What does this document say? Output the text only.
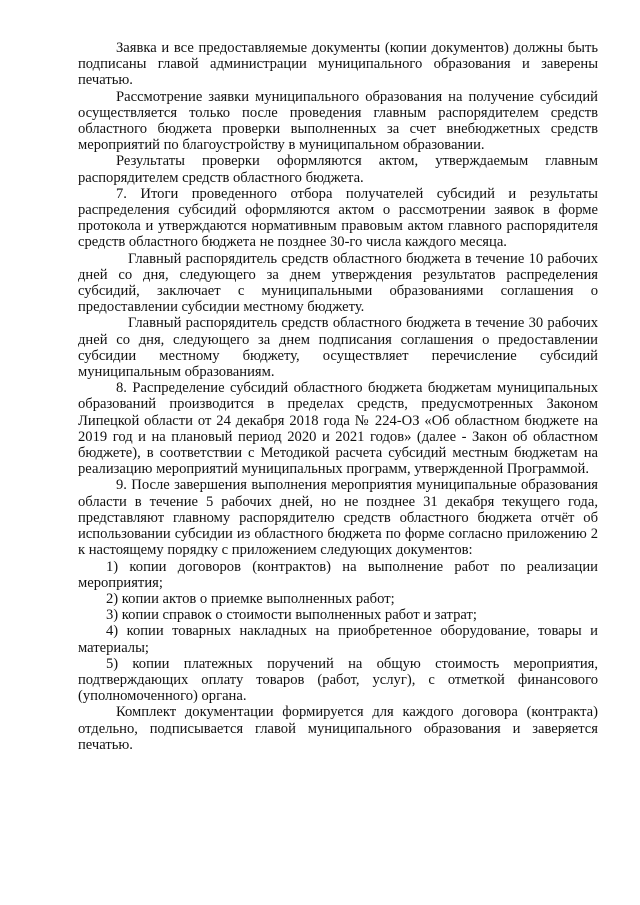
Заявка и все предоставляемые документы (копии документов) должны быть подписаны главой администрации муниципального образования и заверены печатью.

Рассмотрение заявки муниципального образования на получение субсидий осуществляется только после проведения главным распорядителем средств областного бюджета проверки выполненных за счет внебюджетных средств мероприятий по благоустройству в муниципальном образовании.

Результаты проверки оформляются актом, утверждаемым главным распорядителем средств областного бюджета.

7. Итоги проведенного отбора получателей субсидий и результаты распределения субсидий оформляются актом о рассмотрении заявок в форме протокола и утверждаются нормативным правовым актом главного распорядителя средств областного бюджета не позднее 30-го числа каждого месяца.

Главный распорядитель средств областного бюджета в течение 10 рабочих дней со дня, следующего за днем утверждения результатов распределения субсидий, заключает с муниципальными образованиями соглашения о предоставлении субсидии местному бюджету.

Главный распорядитель средств областного бюджета в течение 30 рабочих дней со дня, следующего за днем подписания соглашения о предоставлении субсидии местному бюджету, осуществляет перечисление субсидий муниципальным образованиям.

8. Распределение субсидий областного бюджета бюджетам муниципальных образований производится в пределах средств, предусмотренных Законом Липецкой области от 24 декабря 2018 года № 224-ОЗ «Об областном бюджете на 2019 год и на плановый период 2020 и 2021 годов» (далее - Закон об областном бюджете), в соответствии с Методикой расчета субсидий местным бюджетам на реализацию мероприятий муниципальных программ, утвержденной Программой.

9. После завершения выполнения мероприятия муниципальные образования области в течение 5 рабочих дней, но не позднее 31 декабря текущего года, представляют главному распорядителю средств областного бюджета отчёт об использовании субсидии из областного бюджета по форме согласно приложению 2 к настоящему порядку с приложением следующих документов:

1) копии договоров (контрактов) на выполнение работ по реализации мероприятия;

2) копии актов о приемке выполненных работ;

3) копии справок о стоимости выполненных работ и затрат;

4) копии товарных накладных на приобретенное оборудование, товары и материалы;

5) копии платежных поручений на общую стоимость мероприятия, подтверждающих оплату товаров (работ, услуг), с отметкой финансового (уполномоченного) органа.

Комплект документации формируется для каждого договора (контракта) отдельно, подписывается главой муниципального образования и заверяется печатью.
